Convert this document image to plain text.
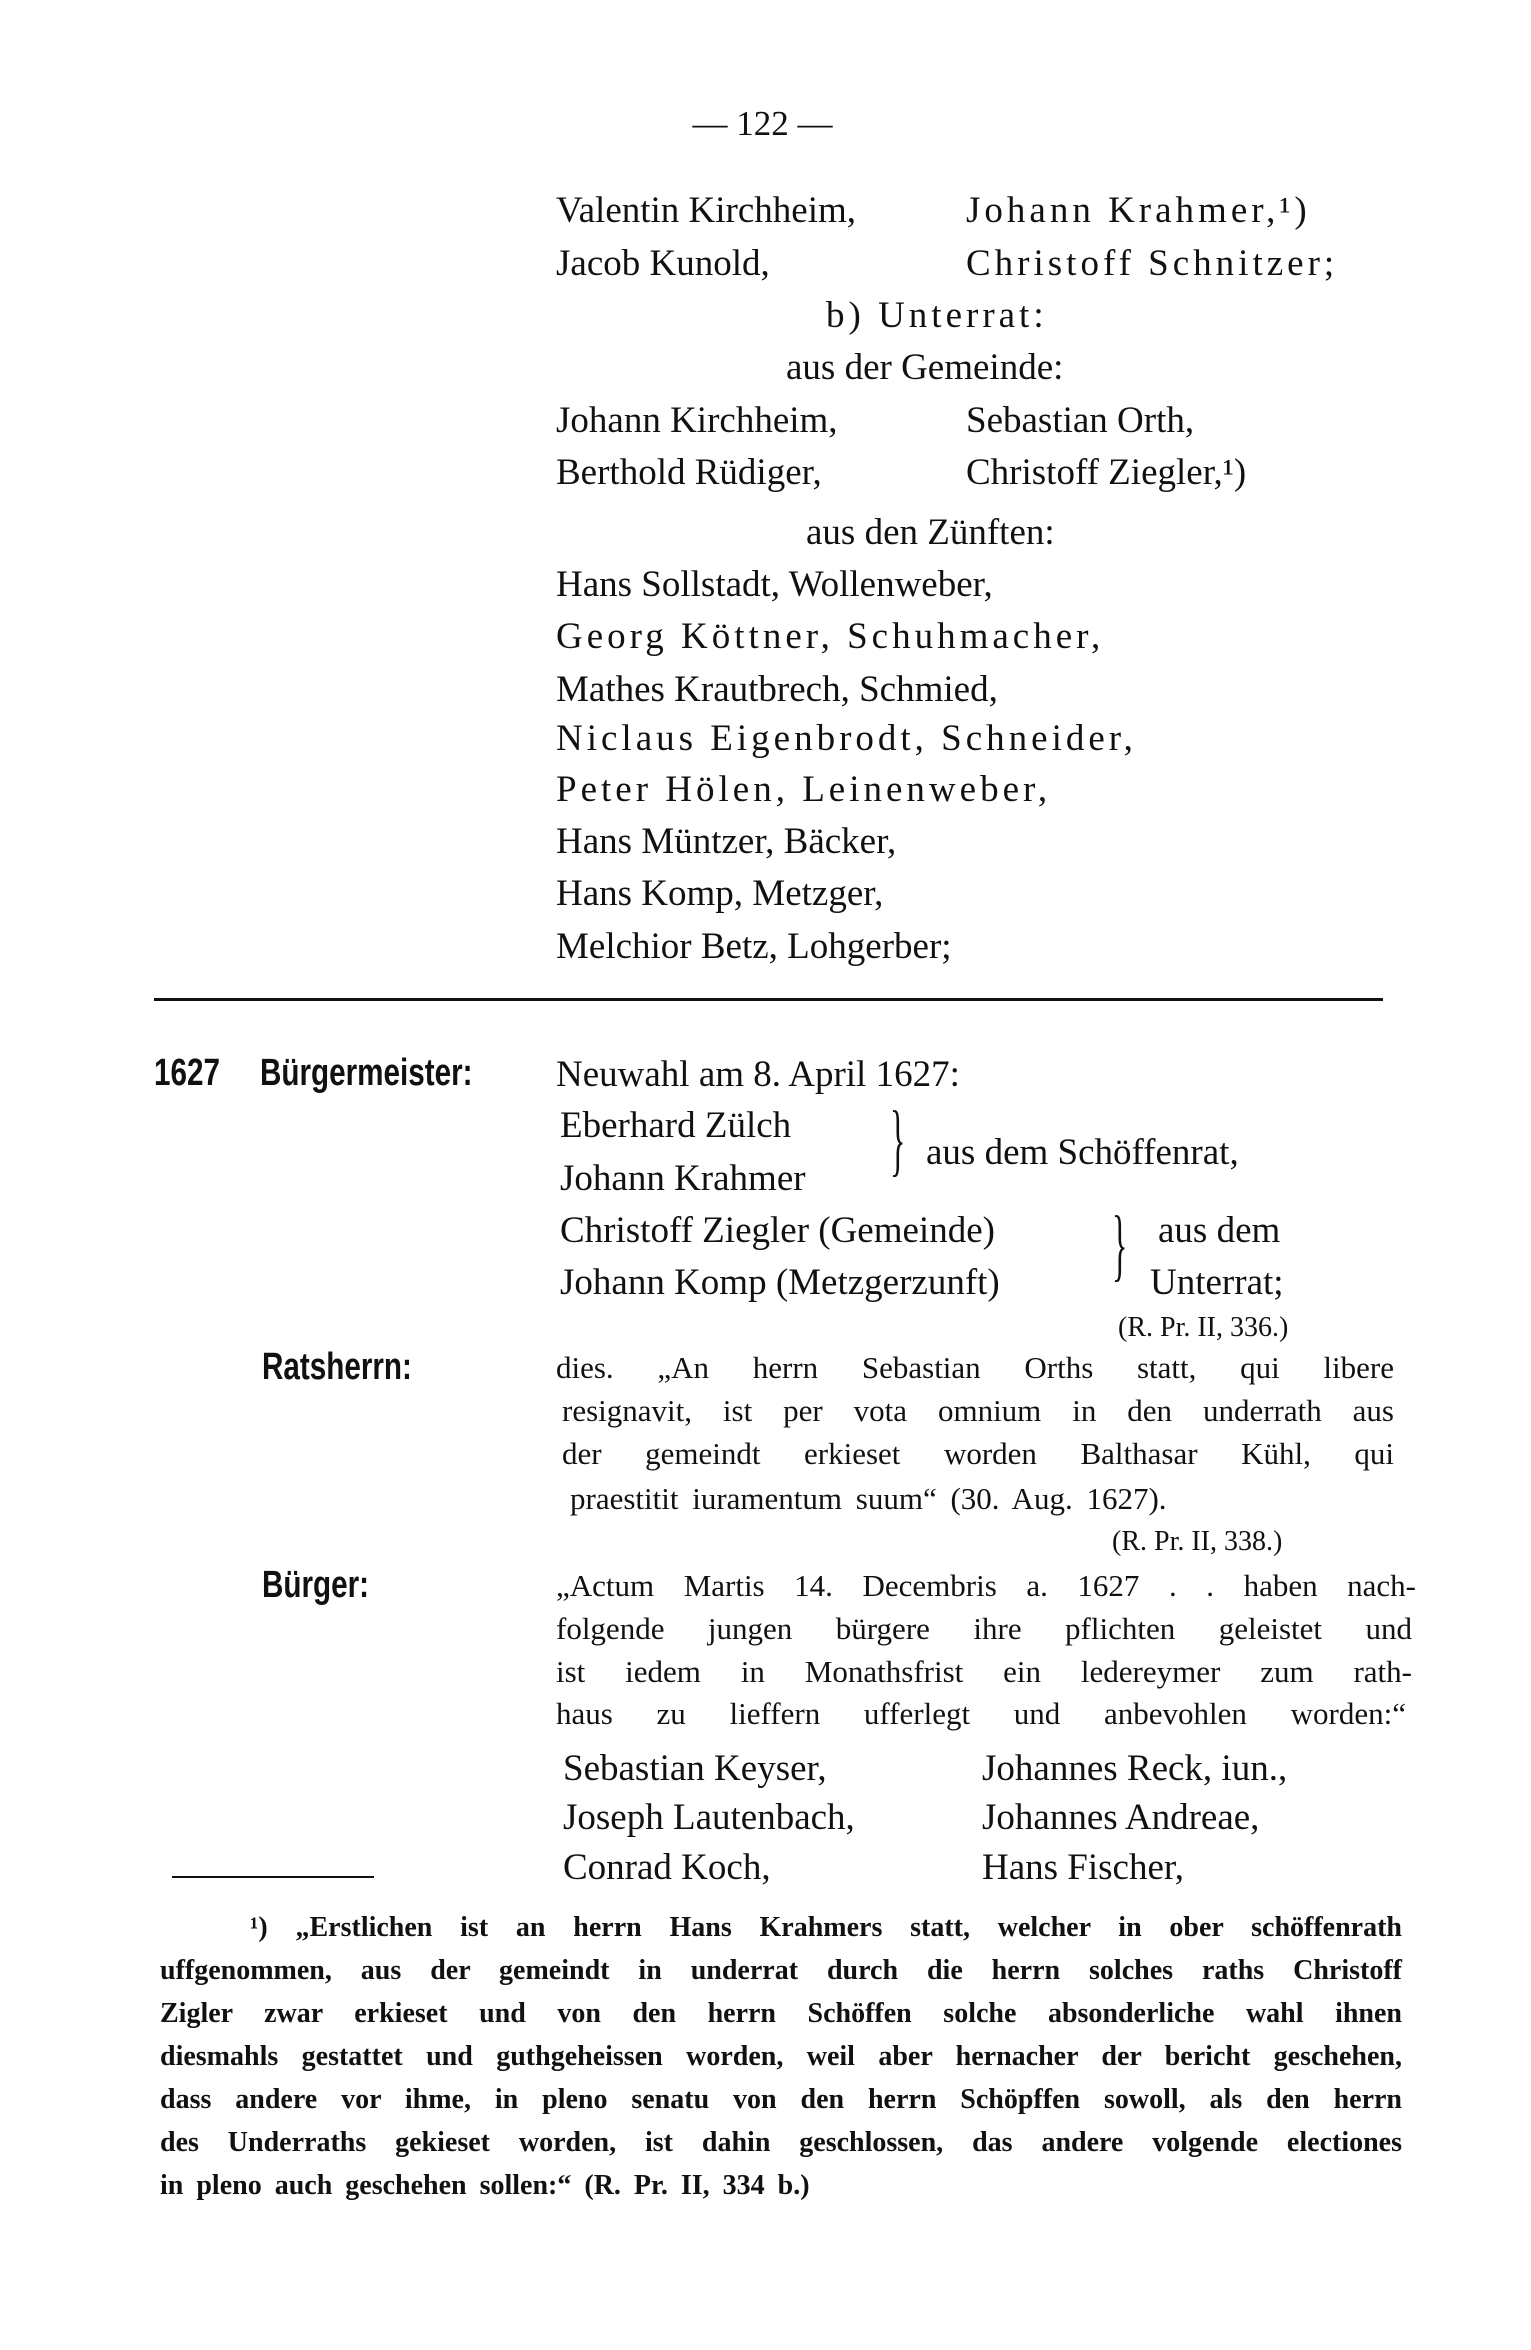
— 122 —
Valentin Kirchheim,	Johann Krahmer,¹)
Jacob Kunold,	Christoff Schnitzer;
b) Unterrat:
aus der Gemeinde:
Johann Kirchheim,	Sebastian Orth,
Berthold Rüdiger,	Christoff Ziegler,¹)
aus den Zünften:
Hans Sollstadt, Wollenweber,
Georg Köttner, Schuhmacher,
Mathes Krautbrech, Schmied,
Niclaus Eigenbrodt, Schneider,
Peter Hölen, Leinenweber,
Hans Müntzer, Bäcker,
Hans Komp, Metzger,
Melchior Betz, Lohgerber;
1627 Bürgermeister: Neuwahl am 8. April 1627:
Eberhard Zülch
Johann Krahmer } aus dem Schöffenrat,
Christoff Ziegler (Gemeinde)
Johann Komp (Metzgerzunft) } aus dem
Unterrat;
(R. Pr. II, 336.)
Ratsherrn:	dies. „An herrn Sebastian Orths statt, qui libere
resignavit, ist per vota omnium in den underrath aus
der gemeindt erkieset worden Balthasar Kühl, qui
praestitit iuramentum suum“ (30. Aug. 1627).
(R. Pr. II, 338.)
Bürger:	„Actum Martis 14. Decembris a. 1627 . . haben nach-
folgende jungen bürgere ihre pflichten geleistet und
ist iedem in Monathsfrist ein ledereymer zum rath-
haus zu lieffern ufferlegt und anbevohlen worden:“
Sebastian Keyser,	Johannes Reck, iun.,
Joseph Lautenbach,	Johannes Andreae,
Conrad Koch,	Hans Fischer,
¹) „Erstlichen ist an herrn Hans Krahmers statt, welcher in ober schöffenrath
uffgenommen, aus der gemeindt in underrat durch die herrn solches raths Christoff
Zigler zwar erkieset und von den herrn Schöffen solche absonderliche wahl ihnen
diesmahls gestattet und guthgeheissen worden, weil aber hernacher der bericht geschehen,
dass andere vor ihme, in pleno senatu von den herrn Schöpffen sowoll, als den herrn
des Underraths gekieset worden, ist dahin geschlossen, das andere volgende electiones
in pleno auch geschehen sollen:“ (R. Pr. II, 334 b.)
